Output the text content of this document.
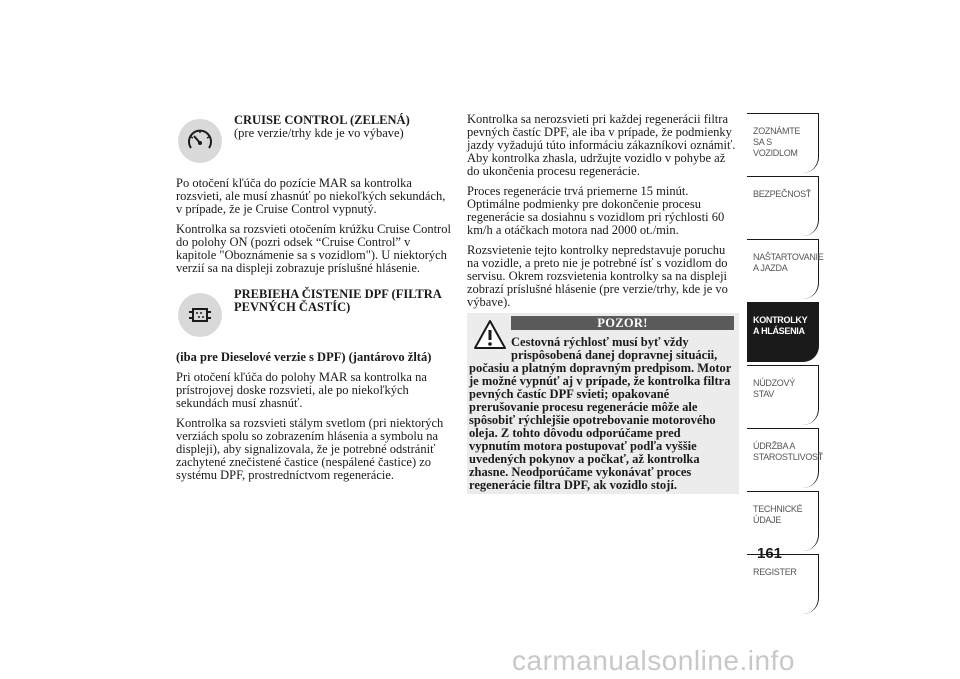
CRUISE CONTROL (ZELENÁ)
(pre verzie/trhy kde je vo výbave)

Po otočení kľúča do pozície MAR sa kontrolka rozsvieti, ale musí zhasnúť po niekoľkých sekundách, v prípade, že je Cruise Control vypnutý.

Kontrolka sa rozsvieti otočením krúžku Cruise Control do polohy ON (pozri odsek “Cruise Control” v kapitole "Oboznámenie sa s vozidlom"). U niektorých verzií sa na displeji zobrazuje príslušné hlásenie.

PREBIEHA ČISTENIE DPF (FILTRA PEVNÝCH ČASTÍC)

(iba pre Dieselové verzie s DPF) (jantárovo žltá)

Pri otočení kľúča do polohy MAR sa kontrolka na prístrojovej doske rozsvieti, ale po niekoľkých sekundách musí zhasnúť.

Kontrolka sa rozsvieti stálym svetlom (pri niektorých verziách spolu so zobrazením hlásenia a symbolu na displeji), aby signalizovala, že je potrebné odstrániť zachytené znečistené častice (nespálené častice) zo systému DPF, prostredníctvom regenerácie.

Kontrolka sa nerozsvieti pri každej regenerácii filtra pevných častíc DPF, ale iba v prípade, že podmienky jazdy vyžadujú túto informáciu zákazníkovi oznámiť. Aby kontrolka zhasla, udržujte vozidlo v pohybe až do ukončenia procesu regenerácie.

Proces regenerácie trvá priemerne 15 minút. Optimálne podmienky pre dokončenie procesu regenerácie sa dosiahnu s vozidlom pri rýchlosti 60 km/h a otáčkach motora nad 2000 ot./min.

Rozsvietenie tejto kontrolky nepredstavuje poruchu na vozidle, a preto nie je potrebné ísť s vozidlom do servisu. Okrem rozsvietenia kontrolky sa na displeji zobrazí príslušné hlásenie (pre verzie/trhy, kde je vo výbave).

POZOR!
Cestovná rýchlosť musí byť vždy prispôsobená danej dopravnej situácii,
počasiu a platným dopravným predpisom. Motor je možné vypnúť aj v prípade, že kontrolka filtra pevných častíc DPF svieti; opakované prerušovanie procesu regenerácie môže ale spôsobiť rýchlejšie opotrebovanie motorového oleja. Z tohto dôvodu odporúčame pred vypnutím motora postupovať podľa vyššie uvedených pokynov a počkať, až kontrolka zhasne. Neodporúčame vykonávať proces regenerácie filtra DPF, ak vozidlo stojí.
ZOZNÁMTE SA S VOZIDLOM
BEZPEČNOSŤ
NAŠTARTOVANIE A JAZDA
KONTROLKY A HLÁSENIA
NÚDZOVÝ STAV
ÚDRŽBA A STAROSTLIVOSŤ
TECHNICKÉ ÚDAJE
REGISTER
161
carmanualsonline.info
